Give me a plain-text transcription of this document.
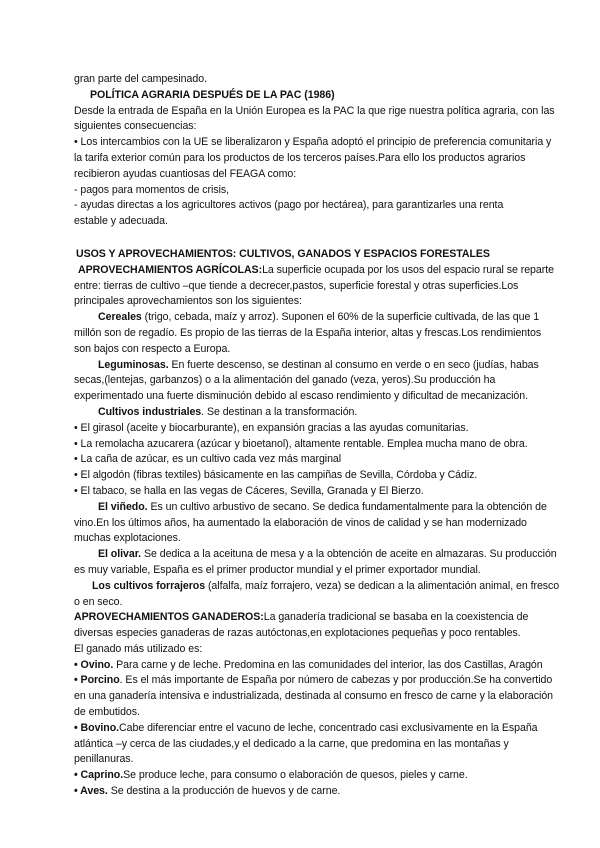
gran parte del campesinado.
POLÍTICA AGRARIA DESPUÉS DE LA PAC (1986)
Desde la entrada de España en la Unión Europea es la PAC la que rige nuestra política agraria, con las
siguientes consecuencias:
• Los intercambios con la UE se liberalizaron y España adoptó el principio de preferencia comunitaria y
la tarifa exterior común para los productos de los terceros países.Para ello los productos agrarios
recibieron ayudas cuantiosas del FEAGA como:
- pagos para momentos de crisis,
- ayudas directas a los agricultores activos (pago por hectárea), para garantizarles una renta
estable y adecuada.
USOS Y APROVECHAMIENTOS: CULTIVOS, GANADOS Y ESPACIOS FORESTALES
APROVECHAMIENTOS AGRÍCOLAS:La superficie ocupada por los usos del espacio rural se reparte
entre: tierras de cultivo –que tiende a decrecer,pastos, superficie forestal y otras superficies.Los
principales aprovechamientos son los siguientes:
Cereales (trigo, cebada, maíz y arroz). Suponen el 60% de la superficie cultivada, de las que 1
millón son de regadío. Es propio de las tierras de la España interior, altas y frescas.Los rendimientos
son bajos con respecto a Europa.
Leguminosas. En fuerte descenso, se destinan al consumo en verde o en seco (judías, habas
secas,(lentejas, garbanzos) o a la alimentación del ganado (veza, yeros).Su producción ha
experimentado una fuerte disminución debido al escaso rendimiento y dificultad de mecanización.
Cultivos industriales. Se destinan a la transformación.
• El girasol (aceite y biocarburante), en expansión gracias a las ayudas comunitarias.
• La remolacha azucarera (azúcar y bioetanol), altamente rentable. Emplea mucha mano de obra.
• La caña de azúcar, es un cultivo cada vez más marginal
• El algodón (fibras textiles) básicamente en las campiñas de Sevilla, Córdoba y Cádiz.
• El tabaco, se halla en las vegas de Cáceres, Sevilla, Granada y El Bierzo.
El viñedo. Es un cultivo arbustivo de secano. Se dedica fundamentalmente para la obtención de
vino.En los últimos años, ha aumentado la elaboración de vinos de calidad y se han modernizado
muchas explotaciones.
El olivar. Se dedica a la aceituna de mesa y a la obtención de aceite en almazaras. Su producción
es muy variable, España es el primer productor mundial y el primer exportador mundial.
Los cultivos forrajeros (alfalfa, maíz forrajero, veza) se dedican a la alimentación animal, en fresco
o en seco.
APROVECHAMIENTOS GANADEROS:La ganadería tradicional se basaba en la coexistencia de
diversas especies ganaderas de razas autóctonas,en explotaciones pequeñas y poco rentables.
El ganado más utilizado es:
• Ovino. Para carne y de leche. Predomina en las comunidades del interior, las dos Castillas, Aragón
• Porcino. Es el más importante de España por número de cabezas y por producción.Se ha convertido
en una ganadería intensiva e industrializada, destinada al consumo en fresco de carne y la elaboración
de embutidos.
• Bovino.Cabe diferenciar entre el vacuno de leche, concentrado casi exclusivamente en la España
atlántica –y cerca de las ciudades,y el dedicado a la carne, que predomina en las montañas y
penillanuras.
• Caprino.Se produce leche, para consumo o elaboración de quesos, pieles y carne.
• Aves. Se destina a la producción de huevos y de carne.
